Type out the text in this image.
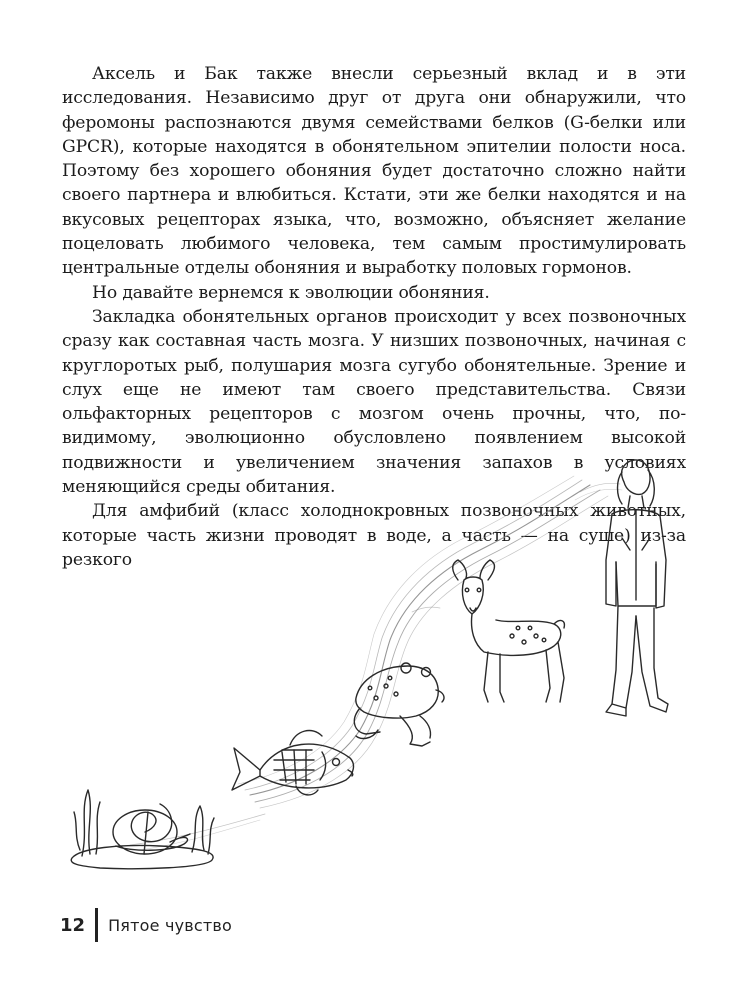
Аксель и Бак также внесли серьезный вклад и в эти исследования. Независимо друг от друга они обнаружили, что феромоны распознаются двумя семействами белков (G-белки или GPCR), которые находятся в обонятельном эпителии полости носа. Поэтому без хорошего обоняния будет достаточно сложно найти своего партнера и влюбиться. Кстати, эти же белки находятся и на вкусовых рецепторах языка, что, возможно, объясняет желание поцеловать любимого человека, тем самым простимулировать центральные отделы обоняния и выработку половых гормонов.

Но давайте вернемся к эволюции обоняния.

Закладка обонятельных органов происходит у всех позвоночных сразу как составная часть мозга. У низших позвоночных, начиная с круглоротых рыб, полушария мозга сугубо обонятельные. Зрение и слух еще не имеют там своего представительства. Связи ольфакторных рецепторов с мозгом очень прочны, что, по-видимому, эволюционно обусловлено появлением высокой подвижности и увеличением значения запахов в условиях меняющийся среды обитания.

Для амфибий (класс холоднокровных позвоночных животных, которые часть жизни проводят в воде, а часть — на суше) из-за резкого

12 Пятое чувство
